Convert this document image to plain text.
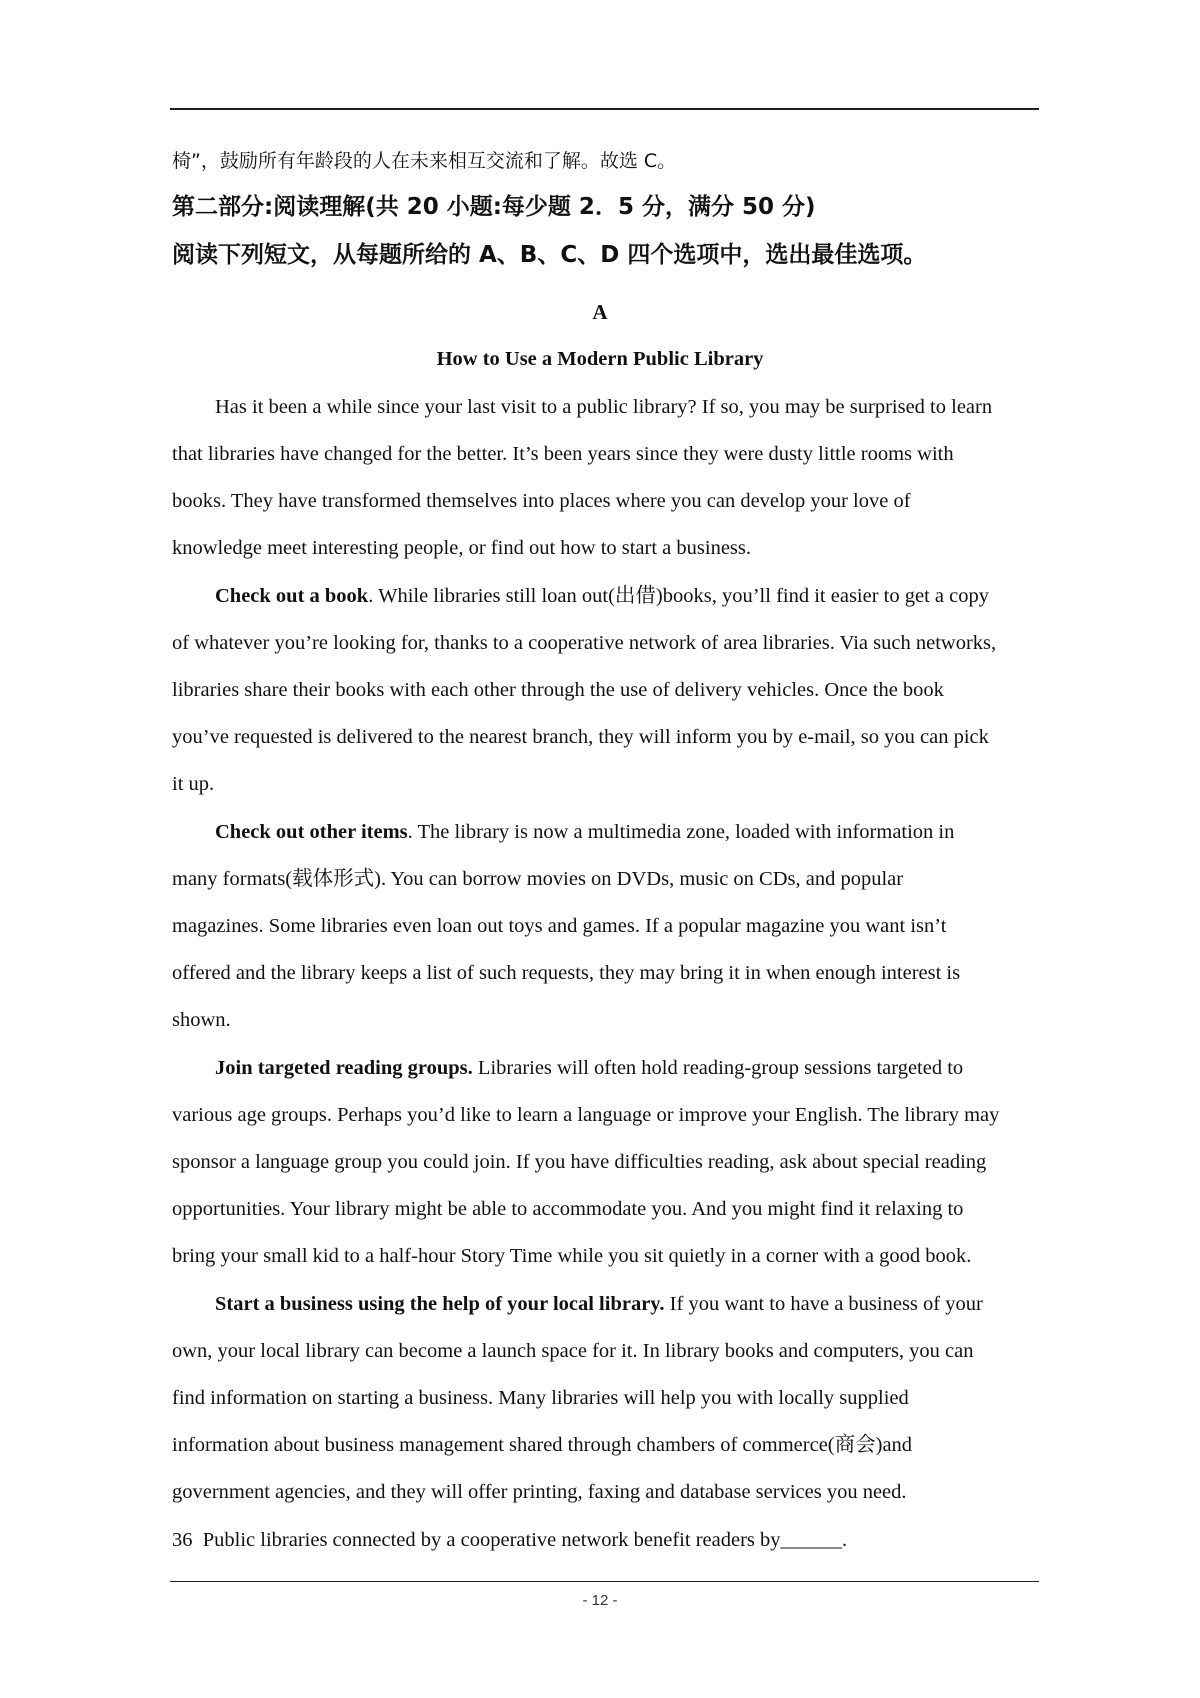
椅”，鼓励所有年龄段的人在未来相互交流和了解。故选 C。
第二部分:阅读理解(共 20 小题:每少题 2．5 分，满分 50 分)
阅读下列短文，从每题所给的 A、B、C、D 四个选项中，选出最佳选项。
A
How to Use a Modern Public Library
Has it been a while since your last visit to a public library? If so, you may be surprised to learn
that libraries have changed for the better. It’s been years since they were dusty little rooms with
books. They have transformed themselves into places where you can develop your love of
knowledge meet interesting people, or find out how to start a business.
Check out a book. While libraries still loan out(出借)books, you’ll find it easier to get a copy
of whatever you’re looking for, thanks to a cooperative network of area libraries. Via such networks,
libraries share their books with each other through the use of delivery vehicles. Once the book
you’ve requested is delivered to the nearest branch, they will inform you by e-mail, so you can pick
it up.
Check out other items. The library is now a multimedia zone, loaded with information in
many formats(载体形式). You can borrow movies on DVDs, music on CDs, and popular
magazines. Some libraries even loan out toys and games. If a popular magazine you want isn’t
offered and the library keeps a list of such requests, they may bring it in when enough interest is
shown.
Join targeted reading groups. Libraries will often hold reading-group sessions targeted to
various age groups. Perhaps you’d like to learn a language or improve your English. The library may
sponsor a language group you could join. If you have difficulties reading, ask about special reading
opportunities. Your library might be able to accommodate you. And you might find it relaxing to
bring your small kid to a half-hour Story Time while you sit quietly in a corner with a good book.
Start a business using the help of your local library. If you want to have a business of your
own, your local library can become a launch space for it. In library books and computers, you can
find information on starting a business. Many libraries will help you with locally supplied
information about business management shared through chambers of commerce(商会)and
government agencies, and they will offer printing, faxing and database services you need.
36 Public libraries connected by a cooperative network benefit readers by______.
- 12 -
